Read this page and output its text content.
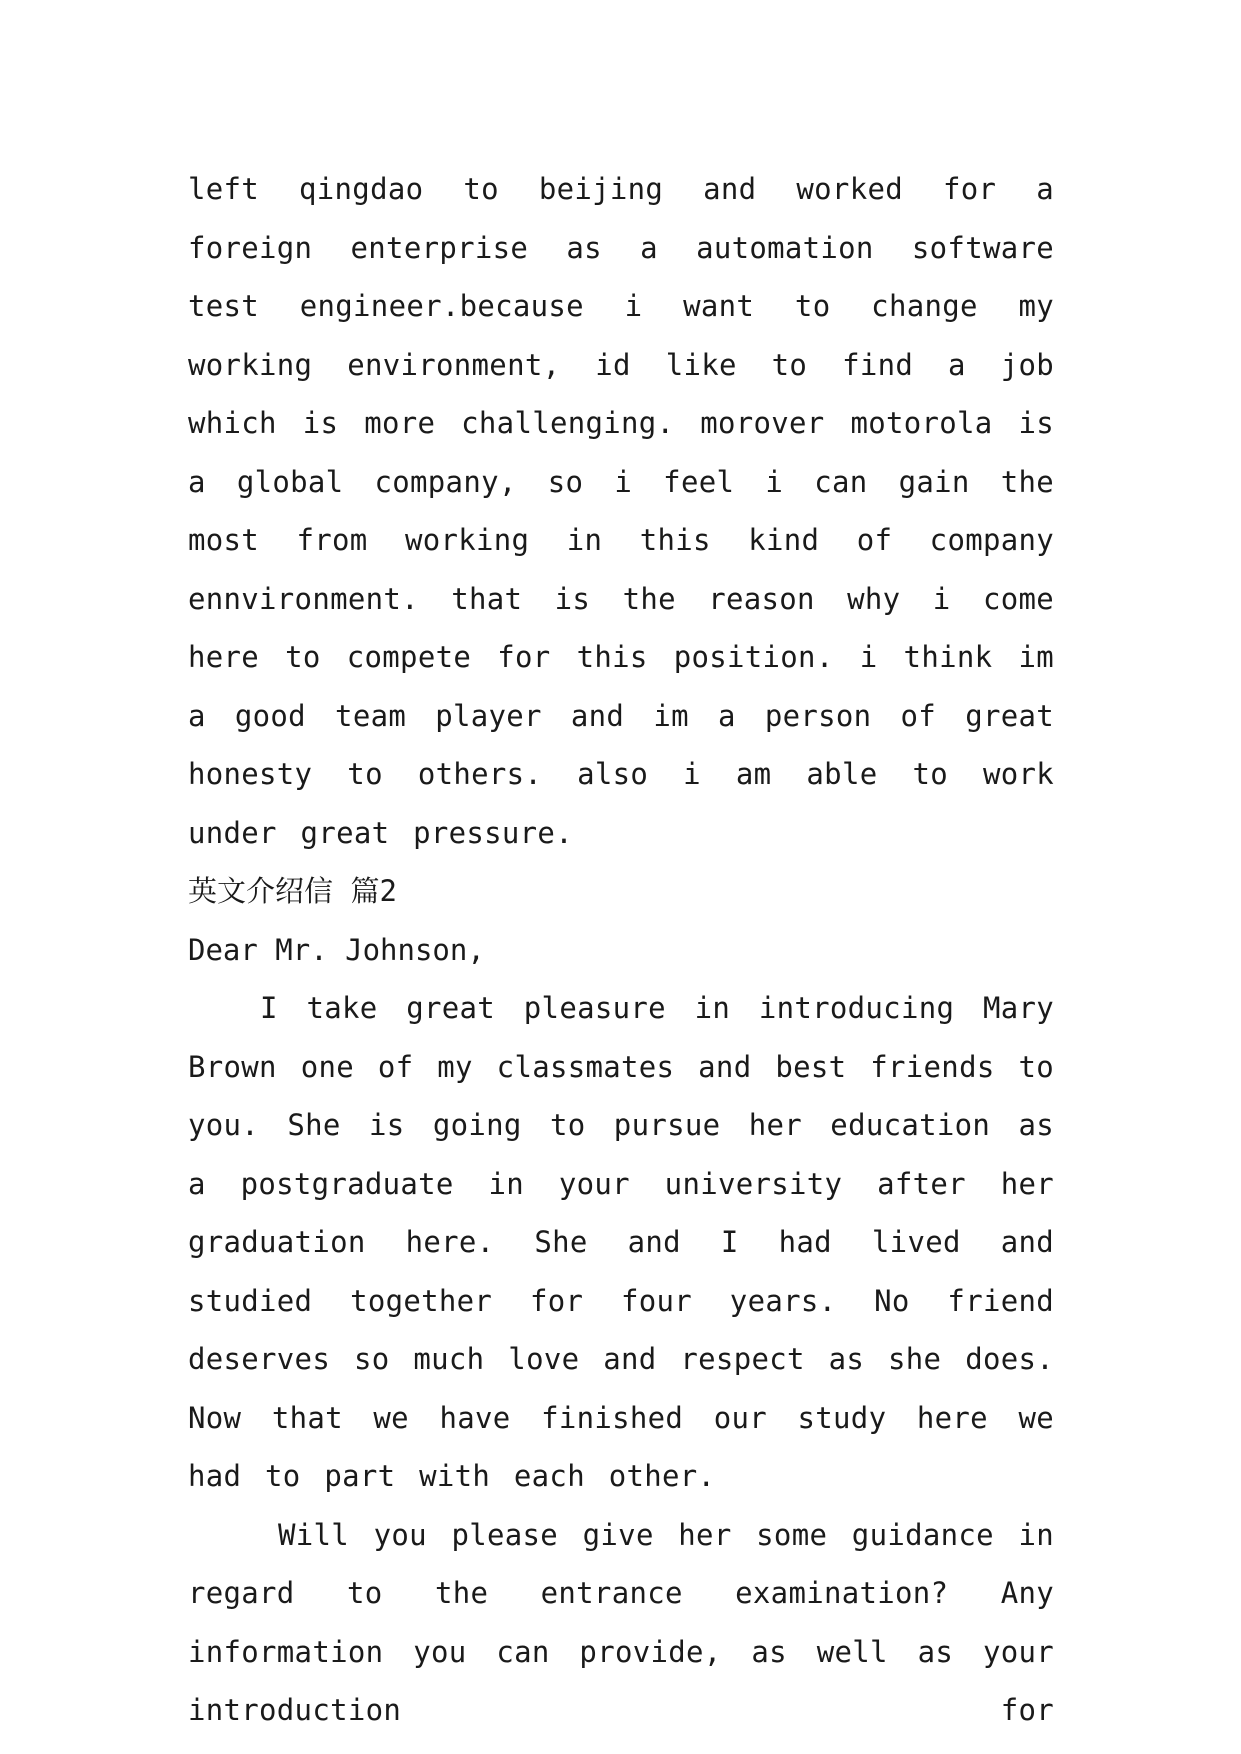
left qingdao to beijing and worked for a foreign enterprise as a automation software test engineer.because i want to change my working environment, id like to find a job which is more challenging. morover motorola is a global company, so i feel i can gain the most from working in this kind of company ennvironment. that is the reason why i come here to compete for this position. i think im a good team player and im a person of great honesty to others. also i am able to work under great pressure.

英文介绍信 篇2

Dear Mr. Johnson,

I take great pleasure in introducing Mary Brown one of my classmates and best friends to you. She is going to pursue her education as a postgraduate in your university after her graduation here. She and I had lived and studied together for four years. No friend deserves so much love and respect as she does. Now that we have finished our study here we had to part with each other.

Will you please give her some guidance in regard to the entrance examination? Any information you can provide, as well as your introduction for
